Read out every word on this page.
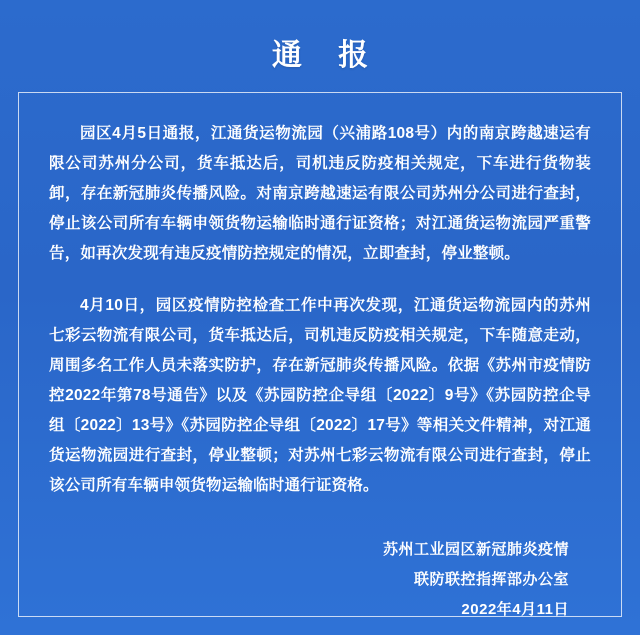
通 报

园区4月5日通报，江通货运物流园（兴浦路108号）内的南京跨越速运有限公司苏州分公司，货车抵达后，司机违反防疫相关规定，下车进行货物装卸，存在新冠肺炎传播风险。对南京跨越速运有限公司苏州分公司进行查封，停止该公司所有车辆申领货物运输临时通行证资格；对江通货运物流园严重警告，如再次发现有违反疫情防控规定的情况，立即查封，停业整顿。

4月10日，园区疫情防控检查工作中再次发现，江通货运物流园内的苏州七彩云物流有限公司，货车抵达后，司机违反防疫相关规定，下车随意走动，周围多名工作人员未落实防护，存在新冠肺炎传播风险。依据《苏州市疫情防控2022年第78号通告》以及《苏园防控企导组〔2022〕9号》《苏园防控企导组〔2022〕13号》《苏园防控企导组〔2022〕17号》等相关文件精神，对江通货运物流园进行查封，停业整顿；对苏州七彩云物流有限公司进行查封，停止该公司所有车辆申领货物运输临时通行证资格。

苏州工业园区新冠肺炎疫情
联防联控指挥部办公室
2022年4月11日
